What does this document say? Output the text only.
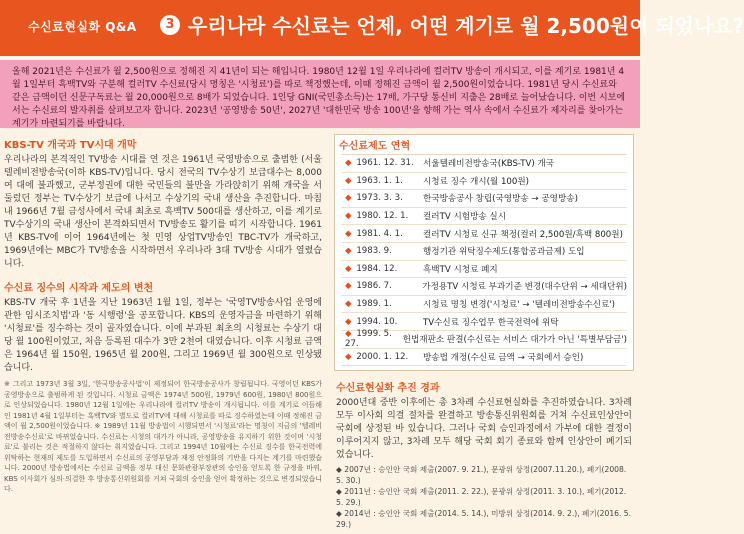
수신료현실화 Q&A	3 우리나라 수신료는 언제, 어떤 계기로 월 2,500원이 되었나요?

올해 2021년은 수신료가 월 2,500원으로 정해진 지 41년이 되는 해입니다. 1980년 12월 1일 우리나라에 컬러TV 방송이 개시되고, 이를 계기로 1981년 4월 1일부터 흑백TV와 구분해 컬러TV 수신료(당시 명칭은 '시청료')를 따로 책정했는데, 이때 정해진 금액이 월 2,500원이었습니다. 1981년 당시 수신료와 같은 금액이던 신문구독료는 월 20,000원으로 8배가 되었습니다. 1인당 GNI(국민총소득)는 17배, 가구당 통신비 지출은 28배로 늘어났습니다. 이번 시보에서는 수신료의 발자취를 살펴보고자 합니다. 2023년 '공영방송 50년', 2027년 '대한민국 방송 100년'을 향해 가는 역사 속에서 수신료가 제자리를 찾아가는 계기가 마련되기를 바랍니다.

KBS-TV 개국과 TV시대 개막

우리나라의 본격적인 TV방송 시대를 연 것은 1961년 국영방송으로 출범한 (서울텔레비전방송국(이하 KBS-TV)입니다. 당시 전국의 TV수상기 보급대수는 8,000여 대에 불과했고, 군부정권에 대한 국민들의 불만을 가라앉히기 위해 개국을 서둘렀던 정부는 TV수상기 보급에 나서고 수상기의 국내 생산을 추진합니다. 마침내 1966년 7월 금성사에서 국내 최초로 흑백TV 500대를 생산하고, 이를 계기로 TV수상기의 국내 생산이 본격화되면서 TV방송도 활기를 띠기 시작합니다. 1961년 KBS-TV에 이어 1964년에는 첫 민영 상업TV방송인 TBC-TV가 개국하고, 1969년에는 MBC가 TV방송을 시작하면서 우리나라 3대 TV방송 시대가 열렸습니다.

수신료 징수의 시작과 제도의 변천

KBS-TV 개국 후 1년을 지난 1963년 1월 1일, 정부는 '국영TV방송사업 운영에 관한 임시조치법'과 '동 시행령'을 공포합니다. KBS의 운영자금을 마련하기 위해 '시청료'를 징수하는 것이 골자였습니다. 이에 부과된 최초의 시청료는 수상기 대당 월 100원이었고, 처음 등록된 대수가 3만 2천여 대였습니다. 이후 시청료 금액은 1964년 월 150원, 1965년 월 200원, 그리고 1969년 월 300원으로 인상됐습니다.

※ 그리고 1973년 3월 3일, '한국방송공사법'이 제정되어 한국방송공사가 창립됩니다. 국영이던 KBS가 공영방송으로 출범하게 된 것입니다. 시청료 금액은 1974년 500원, 1979년 600원, 1980년 800원으로 인상되었습니다. 1980년 12월 1일에는 우리나라에 컬러TV 방송이 개시됩니다. 이를 계기로 이듬해인 1981년 4월 1일부터는 흑백TV와 별도로 컬러TV에 대해 시청료를 따로 징수하였는데 이때 정해진 금액이 월 2,500원이었습니다. ※ 1989년 11월 방송법이 시행되면서 '시청료'라는 명칭이 지금의 '텔레비전방송수신료'로 바뀌었습니다. 수신료는 시청의 대가가 아니라, 공영방송을 유지하기 위한 것이며 '시청료'로 불리는 것은 적절하지 않다는 취지였습니다. 그리고 1994년 10월에는 수신료 징수를 한국전력에 위탁하는 현재의 제도를 도입하면서 수신료의 공영부담과 재정 안정화의 기반을 다지는 계기를 마련했습니다. 2000년 방송법에서는 수신료 금액을 정부 대신 문화관광부장관의 승인을 얻도록 한 규정을 바꿔, KBS 이사회가 심의·의결한 후 방송통신위원회를 거쳐 국회의 승인을 얻어 확정하는 것으로 변경되었습니다.

수신료제도 연혁
◆ 1961. 12. 31.	서울텔레비전방송국(KBS-TV) 개국
◆ 1963. 1. 1.	시청료 징수 개시(월 100원)
◆ 1973. 3. 3.	한국방송공사 창립(국영방송 → 공영방송)
◆ 1980. 12. 1.	컬러TV 시험방송 실시
◆ 1981. 4. 1.	컬러TV 시청료 신규 책정(컬러 2,500원/흑백 800원)
◆ 1983. 9.	행정기관 위탁징수제도(통합공과금제) 도입
◆ 1984. 12.	흑백TV 시청료 폐지
◆ 1986. 7.	가정용TV 시청료 부과기준 변경(대수단위 → 세대단위)
◆ 1989. 1.	시청료 명칭 변경('시청료' → '텔레비전방송수신료')
◆ 1994. 10.	TV수신료 징수업무 한국전력에 위탁
◆ 1999. 5. 27.	헌법재판소 판결(수신료는 서비스 대가가 아닌 '특별부담금')
◆ 2000. 1. 12.	방송법 개정(수신료 금액 → 국회에서 승인)
수신료현실화 추진 경과

2000년대 중반 이후에는 총 3차례 수신료현실화를 추진하였습니다. 3차례 모두 이사회 의결 절차를 완결하고 방송통신위원회를 거쳐 수신료인상안이 국회에 상정된 바 있습니다. 그러나 국회 승인과정에서 가부에 대한 결정이 이루어지지 않고, 3차례 모두 해당 국회 회기 종료와 함께 인상안이 폐기되었습니다.

◆ 2007년 : 승인안 국회 제출(2007. 9. 21.), 문광위 상정(2007.11.20.), 폐기(2008. 5. 30.)
◆ 2011년 : 승인안 국회 제출(2011. 2. 22.), 문광위 상정(2011. 3. 10.), 폐기(2012. 5. 29.)
◆ 2014년 : 승인안 국회 제출(2014. 5. 14.), 미방위 상정(2014. 9. 2.), 폐기(2016. 5. 29.)
